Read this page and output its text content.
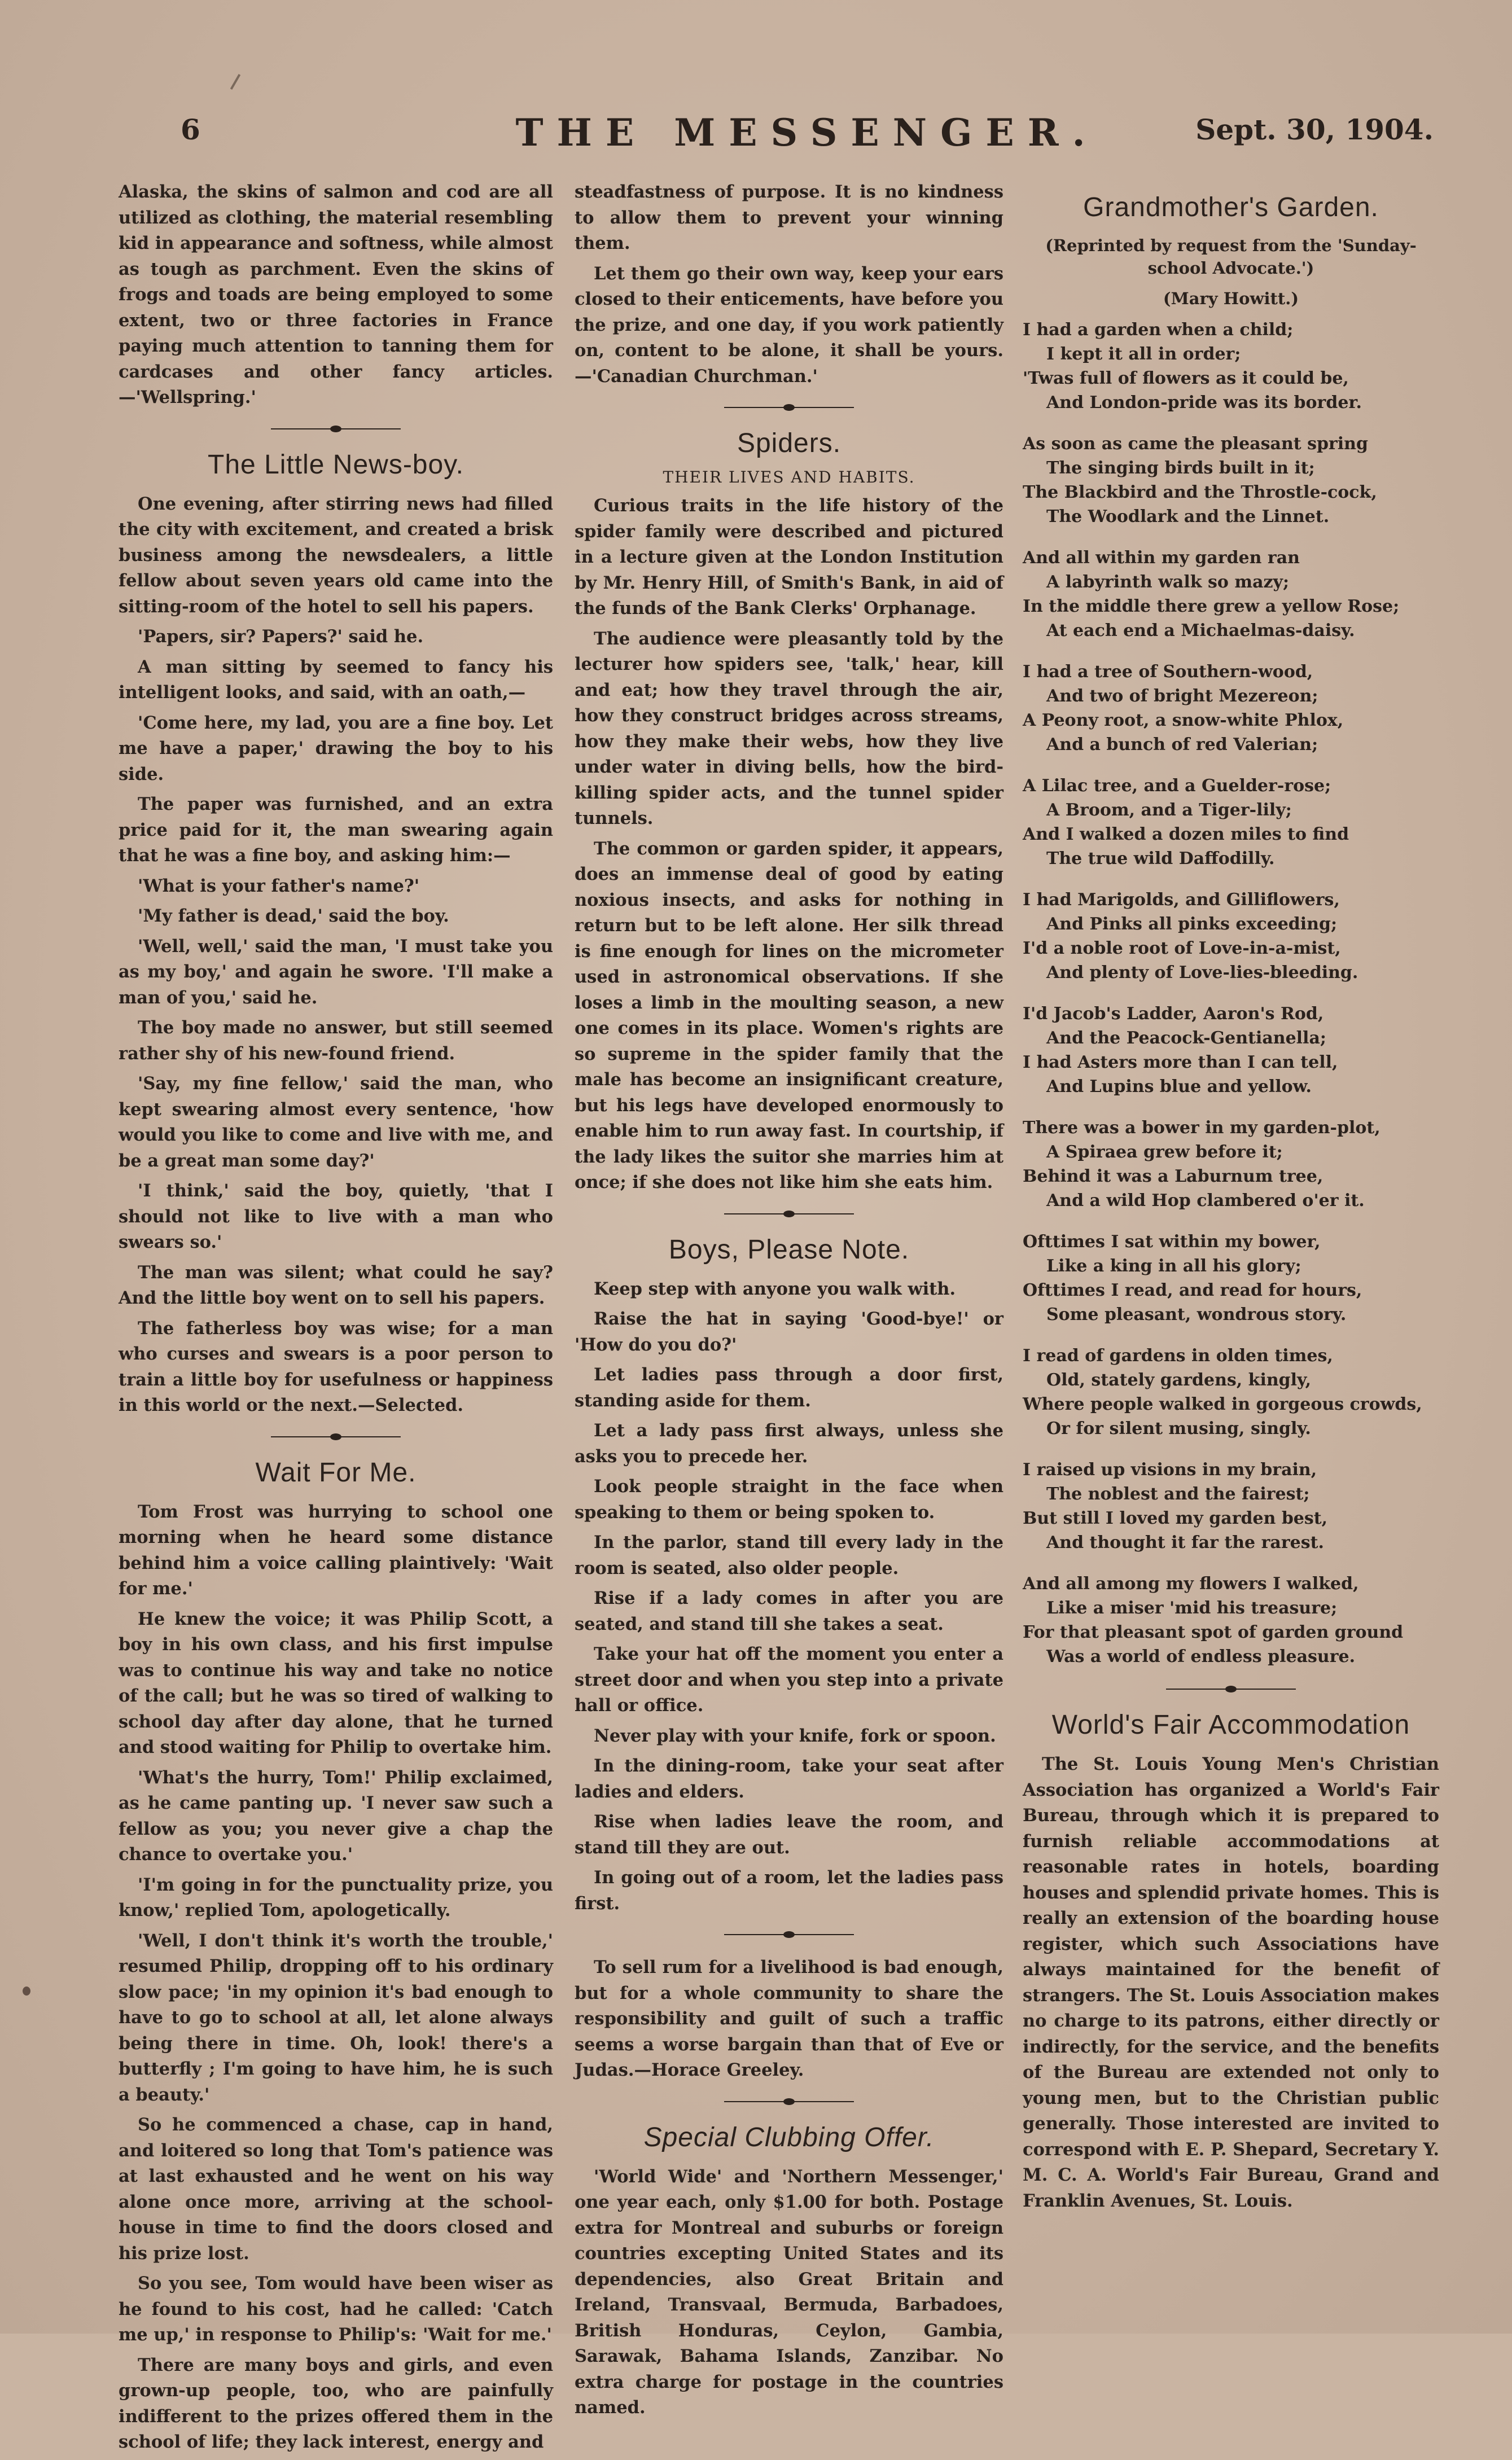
6	THE MESSENGER.	Sept. 30, 1904.

Alaska, the skins of salmon and cod are all utilized as clothing, the material resembling kid in appearance and softness, while almost as tough as parchment. Even the skins of frogs and toads are being employed to some extent, two or three factories in France paying much attention to tanning them for cardcases and other fancy articles.—'Wellspring.'

The Little News-boy.

One evening, after stirring news had filled the city with excitement, and created a brisk business among the newsdealers, a little fellow about seven years old came into the sitting-room of the hotel to sell his papers.

'Papers, sir? Papers?' said he.

A man sitting by seemed to fancy his intelligent looks, and said, with an oath,—

'Come here, my lad, you are a fine boy. Let me have a paper,' drawing the boy to his side.

The paper was furnished, and an extra price paid for it, the man swearing again that he was a fine boy, and asking him:—

'What is your father's name?'

'My father is dead,' said the boy.

'Well, well,' said the man, 'I must take you as my boy,' and again he swore. 'I'll make a man of you,' said he.

The boy made no answer, but still seemed rather shy of his new-found friend.

'Say, my fine fellow,' said the man, who kept swearing almost every sentence, 'how would you like to come and live with me, and be a great man some day?'

'I think,' said the boy, quietly, 'that I should not like to live with a man who swears so.'

The man was silent; what could he say? And the little boy went on to sell his papers.

The fatherless boy was wise; for a man who curses and swears is a poor person to train a little boy for usefulness or happiness in this world or the next.—Selected.

Wait For Me.

Tom Frost was hurrying to school one morning when he heard some distance behind him a voice calling plaintively: 'Wait for me.'

He knew the voice; it was Philip Scott, a boy in his own class, and his first impulse was to continue his way and take no notice of the call; but he was so tired of walking to school day after day alone, that he turned and stood waiting for Philip to overtake him.

'What's the hurry, Tom!' Philip exclaimed, as he came panting up. 'I never saw such a fellow as you; you never give a chap the chance to overtake you.'

'I'm going in for the punctuality prize, you know,' replied Tom, apologetically.

'Well, I don't think it's worth the trouble,' resumed Philip, dropping off to his ordinary slow pace; 'in my opinion it's bad enough to have to go to school at all, let alone always being there in time. Oh, look! there's a butterfly ; I'm going to have him, he is such a beauty.'

So he commenced a chase, cap in hand, and loitered so long that Tom's patience was at last exhausted and he went on his way alone once more, arriving at the school-house in time to find the doors closed and his prize lost.

So you see, Tom would have been wiser as he found to his cost, had he called: 'Catch me up,' in response to Philip's: 'Wait for me.'

There are many boys and girls, and even grown-up people, too, who are painfully indifferent to the prizes offered them in the school of life; they lack interest, energy and

steadfastness of purpose. It is no kindness to allow them to prevent your winning them.

Let them go their own way, keep your ears closed to their enticements, have before you the prize, and one day, if you work patiently on, content to be alone, it shall be yours.—'Canadian Churchman.'

Spiders.
THEIR LIVES AND HABITS.

Curious traits in the life history of the spider family were described and pictured in a lecture given at the London Institution by Mr. Henry Hill, of Smith's Bank, in aid of the funds of the Bank Clerks' Orphanage.

The audience were pleasantly told by the lecturer how spiders see, 'talk,' hear, kill and eat; how they travel through the air, how they construct bridges across streams, how they make their webs, how they live under water in diving bells, how the bird-killing spider acts, and the tunnel spider tunnels.

The common or garden spider, it appears, does an immense deal of good by eating noxious insects, and asks for nothing in return but to be left alone. Her silk thread is fine enough for lines on the micrometer used in astronomical observations. If she loses a limb in the moulting season, a new one comes in its place. Women's rights are so supreme in the spider family that the male has become an insignificant creature, but his legs have developed enormously to enable him to run away fast. In courtship, if the lady likes the suitor she marries him at once; if she does not like him she eats him.

Boys, Please Note.

Keep step with anyone you walk with.

Raise the hat in saying 'Good-bye!' or 'How do you do?'

Let ladies pass through a door first, standing aside for them.

Let a lady pass first always, unless she asks you to precede her.

Look people straight in the face when speaking to them or being spoken to.

In the parlor, stand till every lady in the room is seated, also older people.

Rise if a lady comes in after you are seated, and stand till she takes a seat.

Take your hat off the moment you enter a street door and when you step into a private hall or office.

Never play with your knife, fork or spoon.

In the dining-room, take your seat after ladies and elders.

Rise when ladies leave the room, and stand till they are out.

In going out of a room, let the ladies pass first.

To sell rum for a livelihood is bad enough, but for a whole community to share the responsibility and guilt of such a traffic seems a worse bargain than that of Eve or Judas.—Horace Greeley.

Special Clubbing Offer.

'World Wide' and 'Northern Messenger,' one year each, only $1.00 for both. Postage extra for Montreal and suburbs or foreign countries excepting United States and its dependencies, also Great Britain and Ireland, Transvaal, Bermuda, Barbadoes, British Honduras, Ceylon, Gambia, Sarawak, Bahama Islands, Zanzibar. No extra charge for postage in the countries named.

Grandmother's Garden.
(Reprinted by request from the 'Sunday-school Advocate.')
(Mary Howitt.)
I had a garden when a child;
I kept it all in order;
'Twas full of flowers as it could be,
And London-pride was its border.
As soon as came the pleasant spring
The singing birds built in it;
The Blackbird and the Throstle-cock,
The Woodlark and the Linnet.
And all within my garden ran
A labyrinth walk so mazy;
In the middle there grew a yellow Rose;
At each end a Michaelmas-daisy.
I had a tree of Southern-wood,
And two of bright Mezereon;
A Peony root, a snow-white Phlox,
And a bunch of red Valerian;
A Lilac tree, and a Guelder-rose;
A Broom, and a Tiger-lily;
And I walked a dozen miles to find
The true wild Daffodilly.
I had Marigolds, and Gilliflowers,
And Pinks all pinks exceeding;
I'd a noble root of Love-in-a-mist,
And plenty of Love-lies-bleeding.
I'd Jacob's Ladder, Aaron's Rod,
And the Peacock-Gentianella;
I had Asters more than I can tell,
And Lupins blue and yellow.
There was a bower in my garden-plot,
A Spiraea grew before it;
Behind it was a Laburnum tree,
And a wild Hop clambered o'er it.
Ofttimes I sat within my bower,
Like a king in all his glory;
Ofttimes I read, and read for hours,
Some pleasant, wondrous story.
I read of gardens in olden times,
Old, stately gardens, kingly,
Where people walked in gorgeous crowds,
Or for silent musing, singly.
I raised up visions in my brain,
The noblest and the fairest;
But still I loved my garden best,
And thought it far the rarest.
And all among my flowers I walked,
Like a miser 'mid his treasure;
For that pleasant spot of garden ground
Was a world of endless pleasure.
World's Fair Accommodation

The St. Louis Young Men's Christian Association has organized a World's Fair Bureau, through which it is prepared to furnish reliable accommodations at reasonable rates in hotels, boarding houses and splendid private homes. This is really an extension of the boarding house register, which such Associations have always maintained for the benefit of strangers. The St. Louis Association makes no charge to its patrons, either directly or indirectly, for the service, and the benefits of the Bureau are extended not only to young men, but to the Christian public generally. Those interested are invited to correspond with E. P. Shepard, Secretary Y. M. C. A. World's Fair Bureau, Grand and Franklin Avenues, St. Louis.
